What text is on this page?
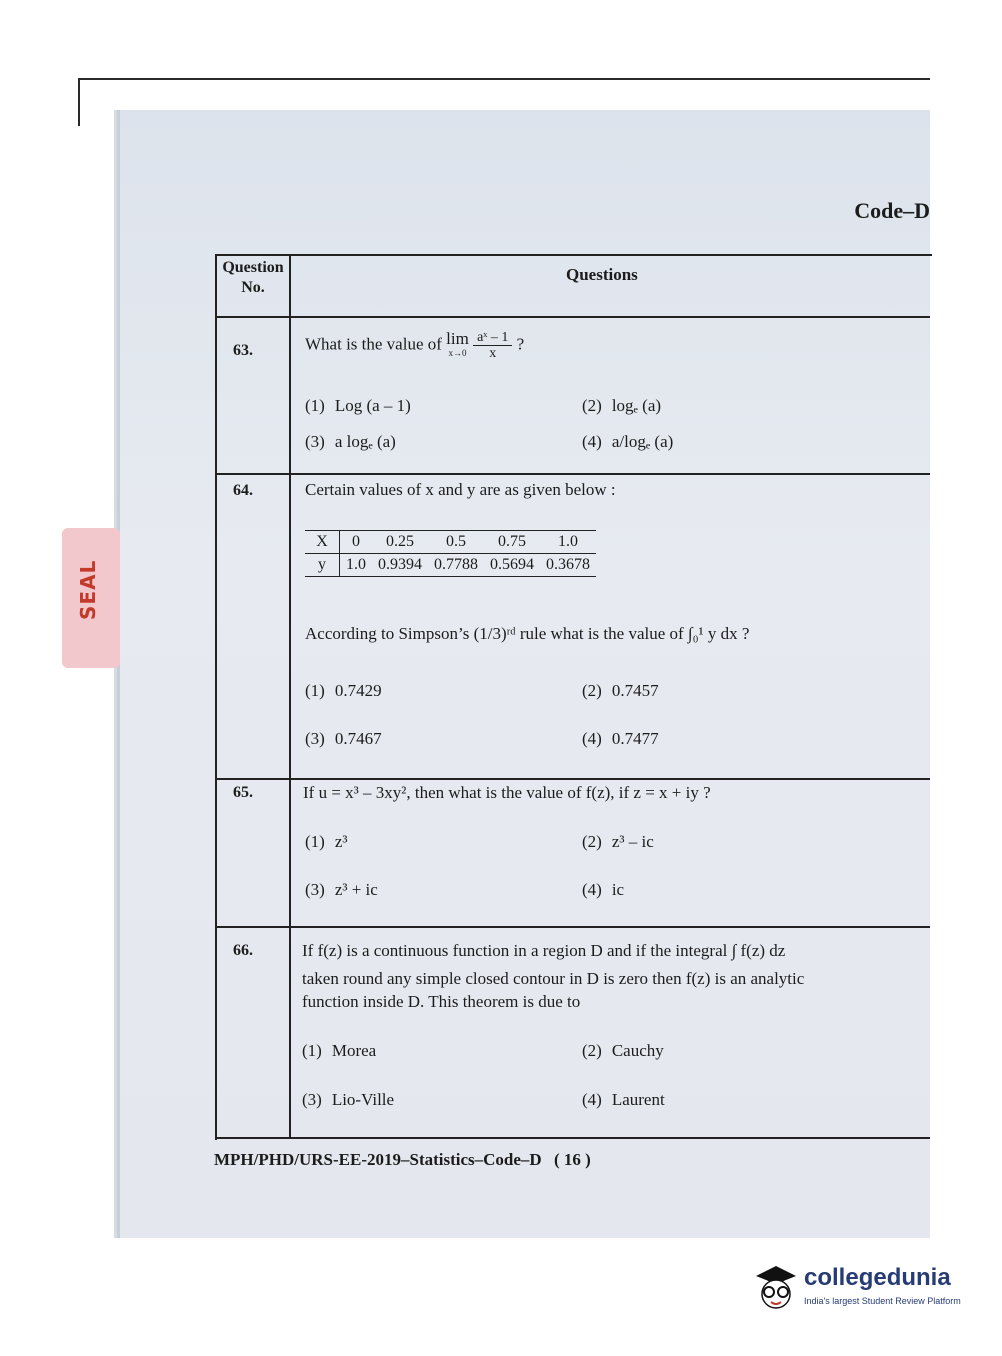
SEAL
Code–D
Question No.
Questions
63.	What is the value of lim
x→0
$\frac{\text{aˣ – 1}}{x}$ ?
(1) Log (a – 1)	(2) logₑ (a)
(3) a logₑ (a)	(4) a/logₑ (a)
64.	Certain values of x and y are as given below :
X	0	0.25	0.5	0.75	1.0
y	1.0	0.9394	0.7788	0.5694	0.3678
According to Simpson’s (1/3)ʳᵈ rule what is the value of ∫₀¹ y dx ?
(1) 0.7429	(2) 0.7457
(3) 0.7467	(4) 0.7477
65.	If u = x³ – 3xy², then what is the value of f(z), if z = x + iy ?
(1) z³	(2) z³ – ic
(3) z³ + ic	(4) ic
66.	If f(z) is a continuous function in a region D and if the integral ∫ f(z) dz
taken round any simple closed contour in D is zero then f(z) is an analytic
function inside D. This theorem is due to
(1) Morea	(2) Cauchy
(3) Lio-Ville	(4) Laurent
MPH/PHD/URS-EE-2019–Statistics–Code–D ( 16 )
collegedunia
India's largest Student Review Platform
